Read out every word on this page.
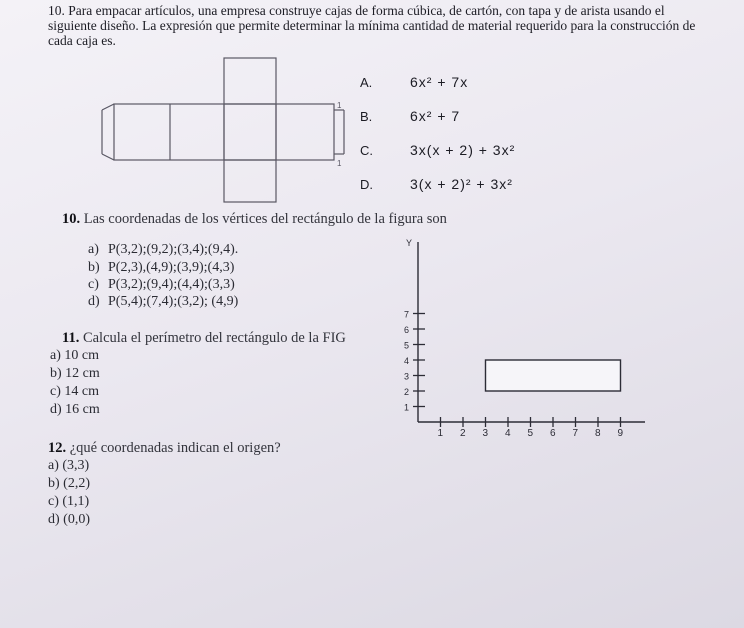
10. Para empacar artículos, una empresa construye cajas de forma cúbica, de cartón, con tapa y de arista usando el siguiente diseño. La expresión que permite determinar la mínima cantidad de material requerido para la construcción de cada caja es.
1
1
A.	6x² + 7x
B.	6x² + 7
C.	3x(x + 2) + 3x²
D.	3(x + 2)² + 3x²
10. Las coordenadas de los vértices del rectángulo de la figura son
a) P(3,2);(9,2);(3,4);(9,4).
b) P(2,3),(4,9);(3,9);(4,3)
c) P(3,2);(9,4);(4,4);(3,3)
d) P(5,4);(7,4);(3,2); (4,9)
11. Calcula el perímetro del rectángulo de la FIG
a) 10 cm
b) 12 cm
c) 14 cm
d) 16 cm
12. ¿qué coordenadas indican el origen?
a) (3,3)
b) (2,2)
c) (1,1)
d) (0,0)
Y
1 2 3 4 5 6 7 8 9
1
2
3
4
5
6
7
